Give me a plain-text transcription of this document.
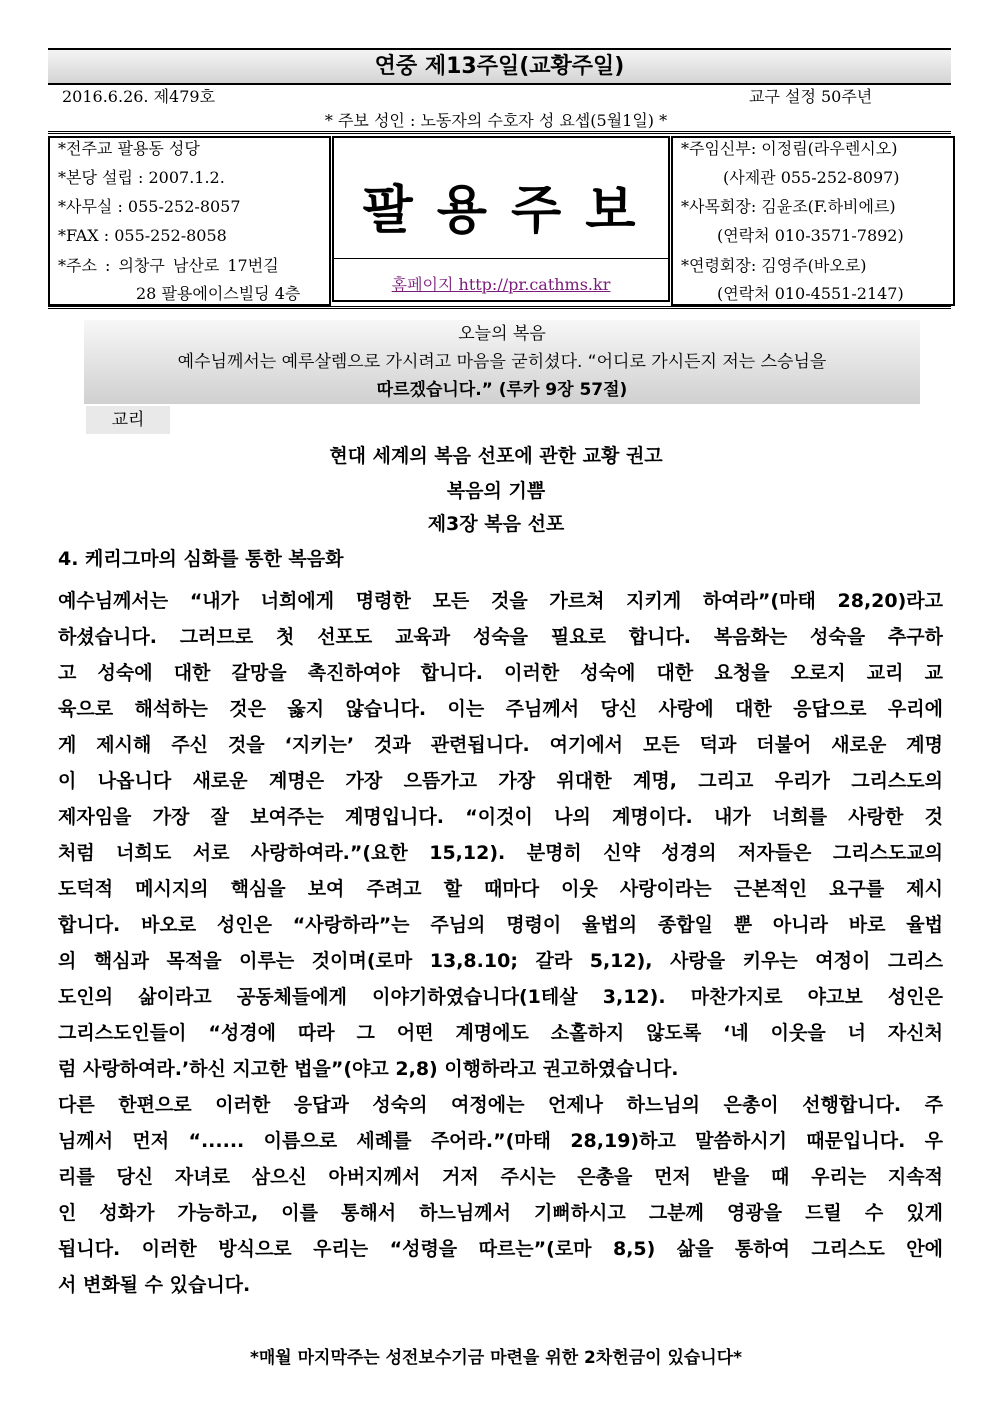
연중 제13주일(교황주일)
2016.6.26. 제479호	교구 설정 50주년
* 주보 성인 : 노동자의 수호자 성 요셉(5월1일) *
*전주교 팔용동 성당
*본당 설립 : 2007.1.2.
*사무실 : 055-252-8057
*FAX : 055-252-8058
*주소 : 의창구 남산로 17번길
28 팔용에이스빌딩 4층
팔용주보
홈페이지 http://pr.cathms.kr
*주임신부: 이정림(라우렌시오)
(사제관 055-252-8097)
*사목회장: 김윤조(F.하비에르)
(연락처 010-3571-7892)
*연령회장: 김영주(바오로)
(연락처 010-4551-2147)
오늘의 복음
예수님께서는 예루살렘으로 가시려고 마음을 굳히셨다. “어디로 가시든지 저는 스승님을
따르겠습니다.” (루카 9장 57절)
교리
현대 세계의 복음 선포에 관한 교황 권고
복음의 기쁨
제3장 복음 선포
4. 케리그마의 심화를 통한 복음화
예수님께서는 “내가 너희에게 명령한 모든 것을 가르쳐 지키게 하여라”(마태 28,20)라고
하셨습니다. 그러므로 첫 선포도 교육과 성숙을 필요로 합니다. 복음화는 성숙을 추구하
고 성숙에 대한 갈망을 촉진하여야 합니다. 이러한 성숙에 대한 요청을 오로지 교리 교
육으로 해석하는 것은 옳지 않습니다. 이는 주님께서 당신 사랑에 대한 응답으로 우리에
게 제시해 주신 것을 ‘지키는’ 것과 관련됩니다. 여기에서 모든 덕과 더불어 새로운 계명
이 나옵니다 새로운 계명은 가장 으뜸가고 가장 위대한 계명, 그리고 우리가 그리스도의
제자임을 가장 잘 보여주는 계명입니다. “이것이 나의 계명이다. 내가 너희를 사랑한 것
처럼 너희도 서로 사랑하여라.”(요한 15,12). 분명히 신약 성경의 저자들은 그리스도교의
도덕적 메시지의 핵심을 보여 주려고 할 때마다 이웃 사랑이라는 근본적인 요구를 제시
합니다. 바오로 성인은 “사랑하라”는 주님의 명령이 율법의 종합일 뿐 아니라 바로 율법
의 핵심과 목적을 이루는 것이며(로마 13,8.10; 갈라 5,12), 사랑을 키우는 여정이 그리스
도인의 삶이라고 공동체들에게 이야기하였습니다(1테살 3,12). 마찬가지로 야고보 성인은
그리스도인들이 “성경에 따라 그 어떤 계명에도 소홀하지 않도록 ‘네 이웃을 너 자신처
럼 사랑하여라.’하신 지고한 법을”(야고 2,8) 이행하라고 권고하였습니다.
다른 한편으로 이러한 응답과 성숙의 여정에는 언제나 하느님의 은총이 선행합니다. 주
님께서 먼저 “...... 이름으로 세례를 주어라.”(마태 28,19)하고 말씀하시기 때문입니다. 우
리를 당신 자녀로 삼으신 아버지께서 거저 주시는 은총을 먼저 받을 때 우리는 지속적
인 성화가 가능하고, 이를 통해서 하느님께서 기뻐하시고 그분께 영광을 드릴 수 있게
됩니다. 이러한 방식으로 우리는 “성령을 따르는”(로마 8,5) 삶을 통하여 그리스도 안에
서 변화될 수 있습니다.
*매월 마지막주는 성전보수기금 마련을 위한 2차헌금이 있습니다*
